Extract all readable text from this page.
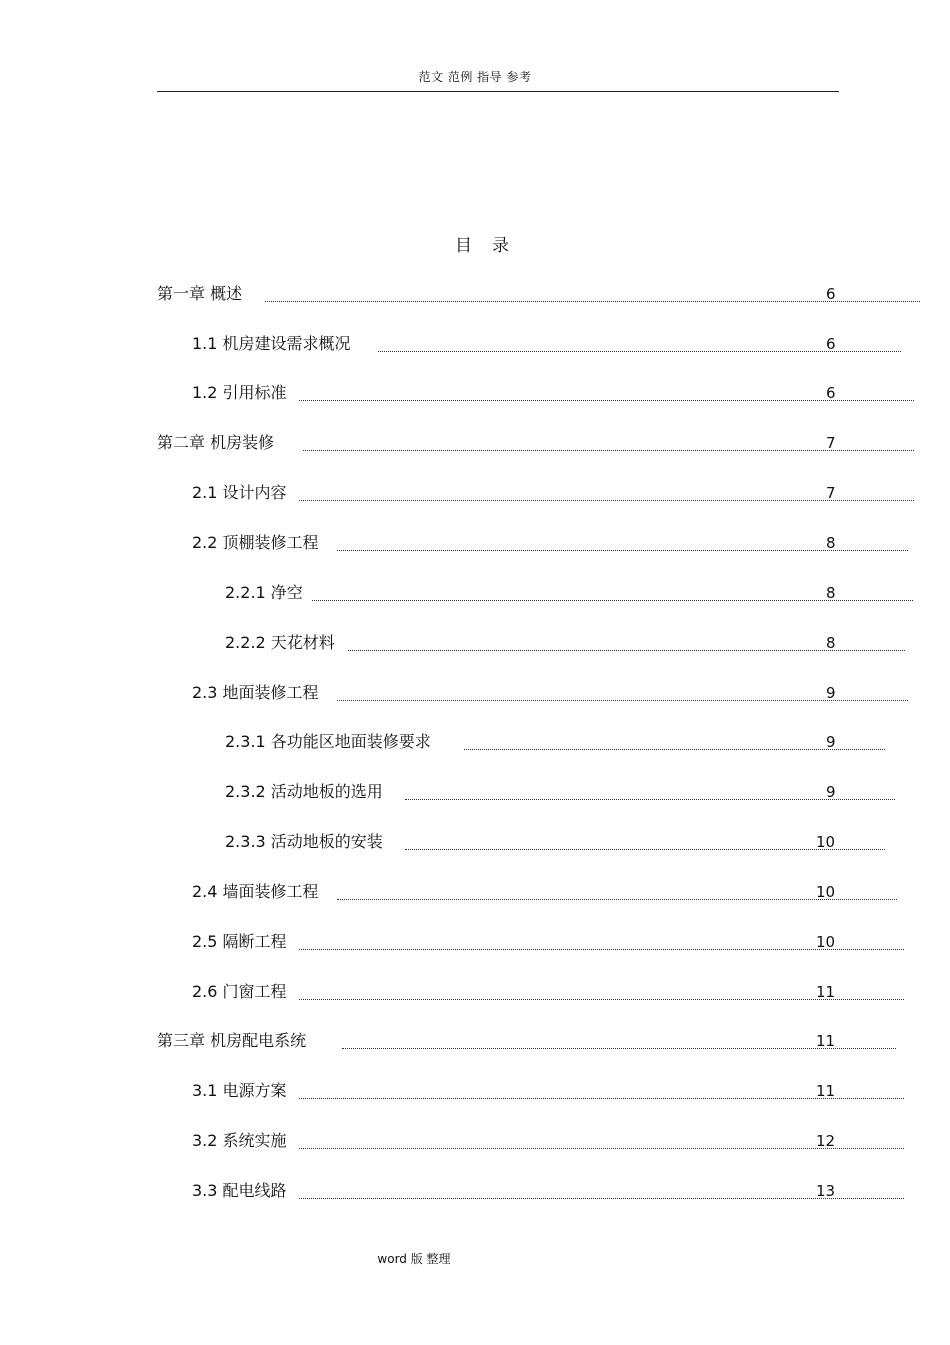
范文 范例 指导 参考
目录
第一章 概述	6
1.1 机房建设需求概况	6
1.2 引用标准	6
第二章 机房装修	7
2.1 设计内容	7
2.2 顶棚装修工程	8
2.2.1 净空	8
2.2.2 天花材料	8
2.3 地面装修工程	9
2.3.1 各功能区地面装修要求	9
2.3.2 活动地板的选用	9
2.3.3 活动地板的安装	10
2.4 墙面装修工程	10
2.5 隔断工程	10
2.6 门窗工程	11
第三章 机房配电系统	11
3.1 电源方案	11
3.2 系统实施	12
3.3 配电线路	13
word 版 整理
